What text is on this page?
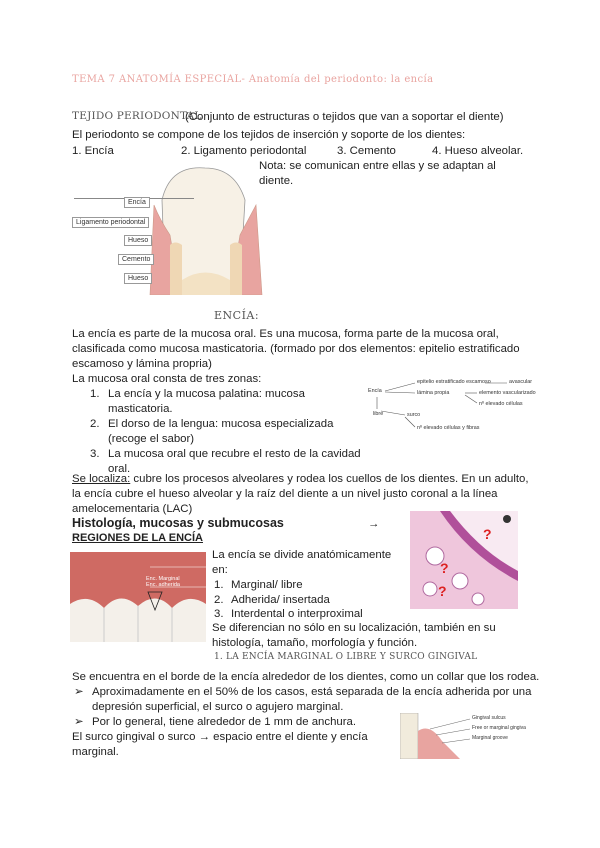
TEMA 7 ANATOMÍA ESPECIAL- Anatomía del periodonto: la encía
TEJIDO PERIODONTAL
(Conjunto de estructuras o tejidos que van a soportar el diente)
El periodonto se compone de los tejidos de inserción y soporte de los dientes:
1. Encía	2. Ligamento periodontal	3. Cemento	4. Hueso alveolar.
Nota: se comunican entre ellas y se adaptan al
diente.
Encía
Ligamento periodontal
Hueso
Cemento
Hueso
ENCÍA:
La encía es parte de la mucosa oral. Es una mucosa, forma parte de la mucosa oral,
clasificada como mucosa masticatoria. (formado por dos elementos: epitelio estratificado
escamoso y lámina propria)
La mucosa oral consta de tres zonas:
1. La encía y la mucosa palatina: mucosa
masticatoria.
2. El dorso de la lengua: mucosa especializada
(recoge el sabor)
3. La mucosa oral que recubre el resto de la cavidad
oral.
Encía
epitelio estratificado escamoso	avascular
lámina propia	elemento vascularizado
nº elevado células
libre	surco
nº elevado células y fibras
Se localiza: cubre los procesos alveolares y rodea los cuellos de los dientes. En un adulto,
la encía cubre el hueso alveolar y la raíz del diente a un nivel justo coronal a la línea
amelocementaria (LAC)
Histología, mucosas y submucosas	→
REGIONES DE LA ENCÍA	?
?
?
Enc. Marginal
Enc. adherida
La encía se divide anatómicamente
en:
1. Marginal/ libre
2. Adherida/ insertada
3. Interdental o interproximal
Se diferencian no sólo en su localización, también en su
histología, tamaño, morfología y función.
1. LA ENCÍA MARGINAL O LIBRE Y SURCO GINGIVAL
Se encuentra en el borde de la encía alrededor de los dientes, como un collar que los rodea.
➢ Aproximadamente en el 50% de los casos, está separada de la encía adherida por una
depresión superficial, el surco o agujero marginal.
➢ Por lo general, tiene alrededor de 1 mm de anchura.
El surco gingival o surco → espacio entre el diente y encía
marginal.
Gingival sulcus
Free or marginal gingiva
Marginal groove
